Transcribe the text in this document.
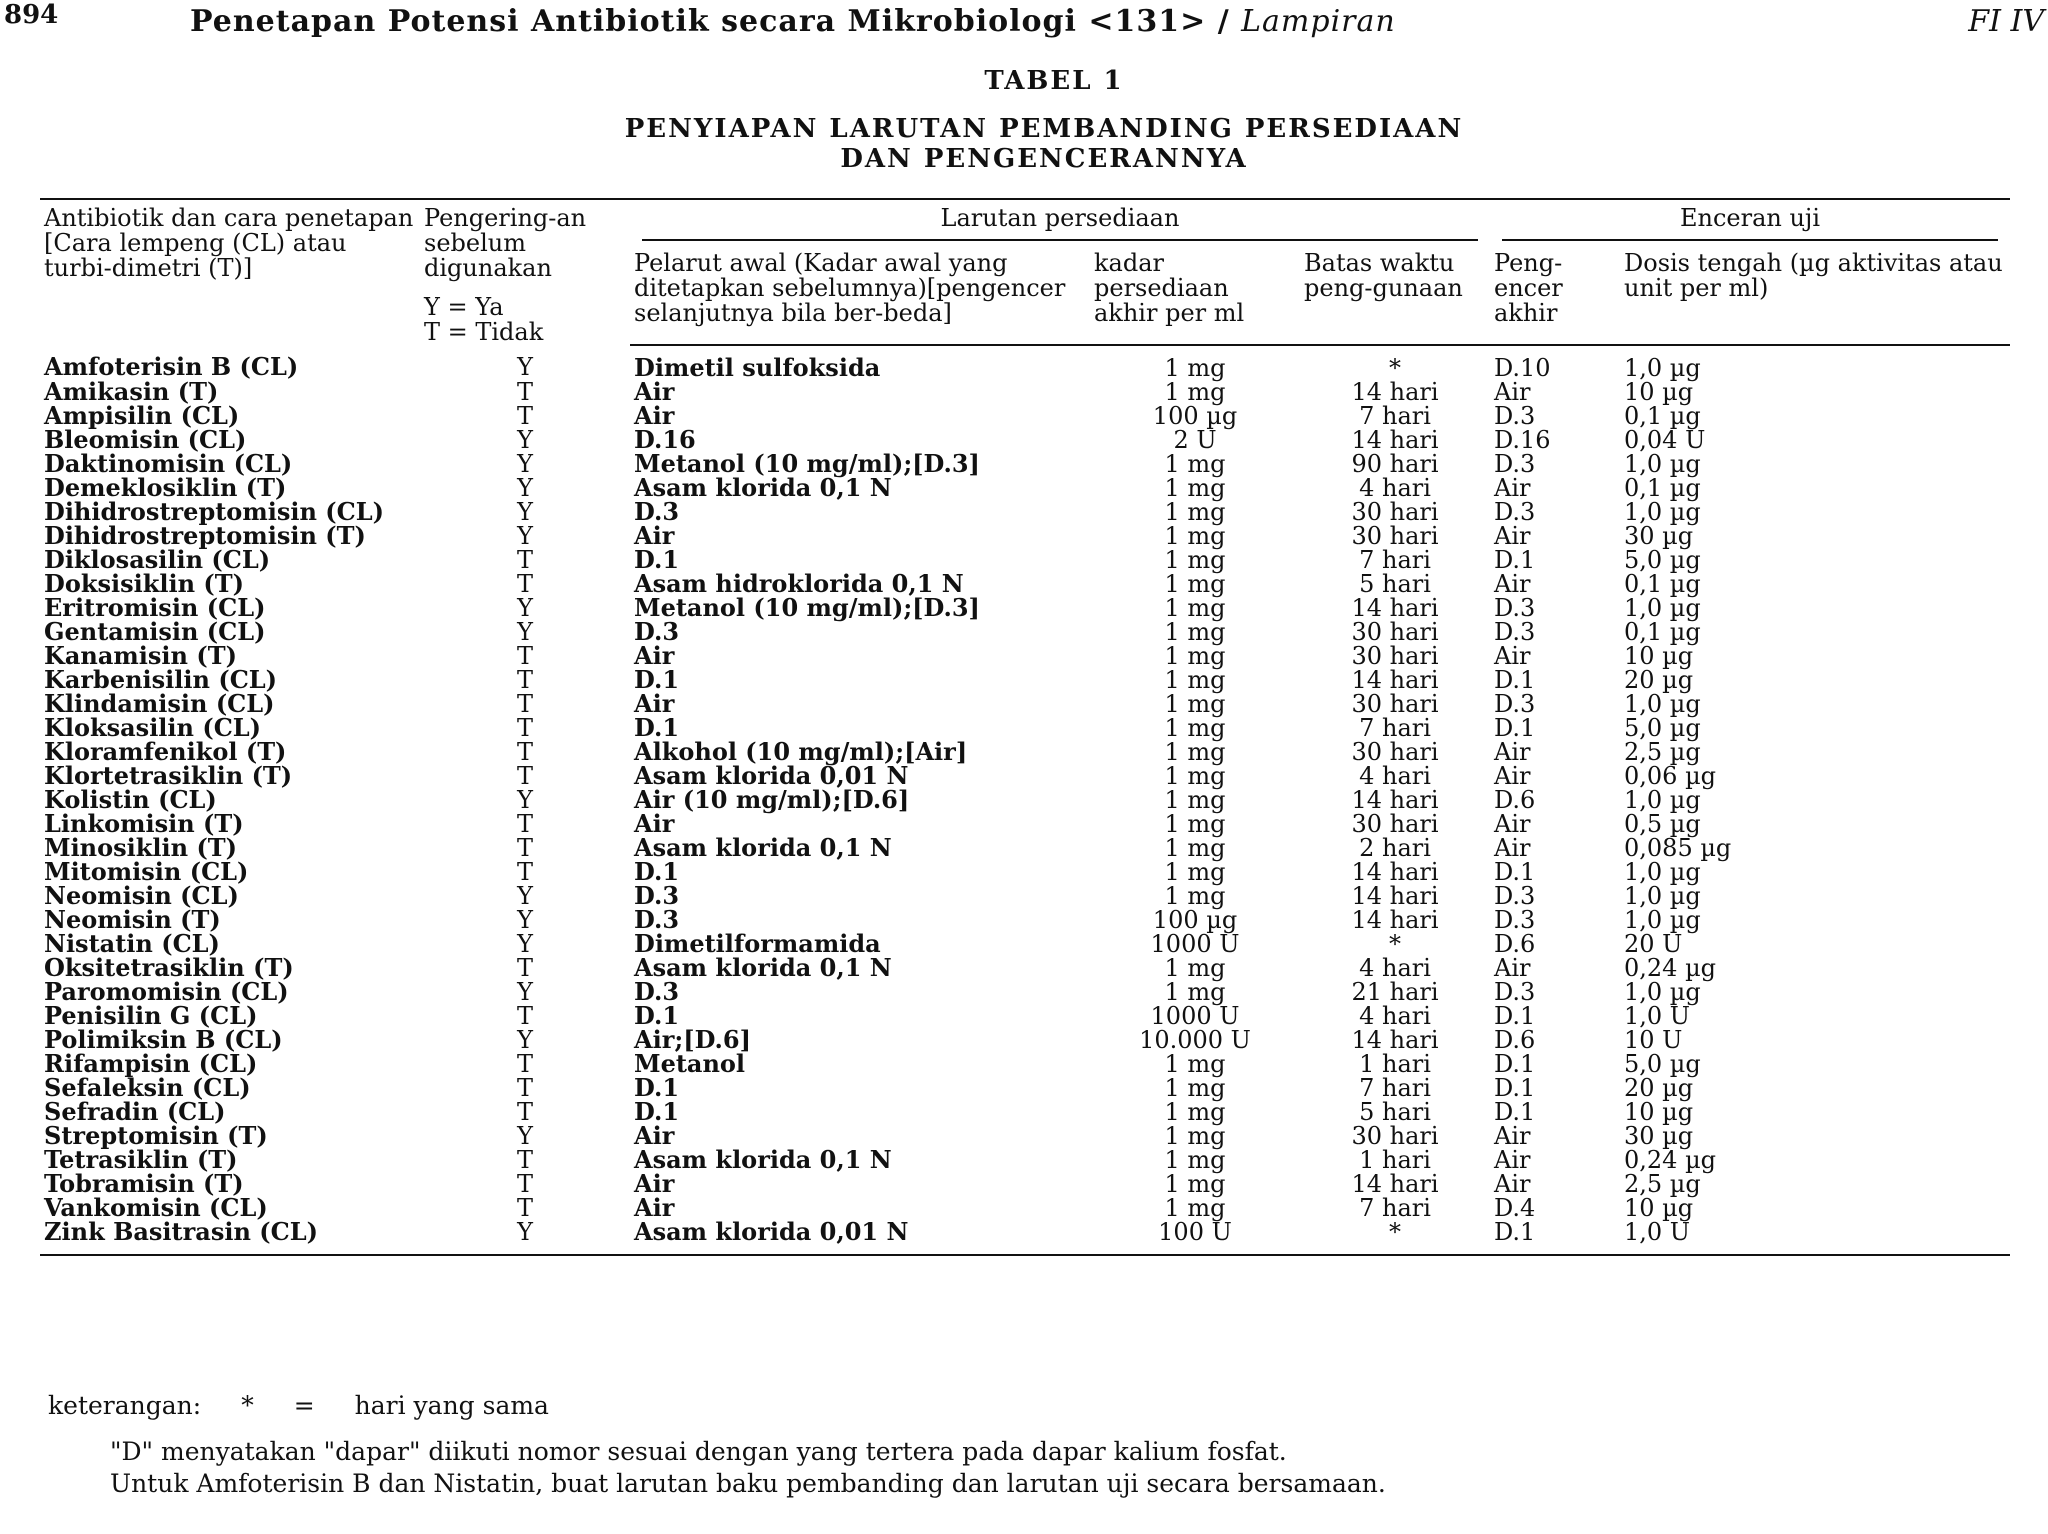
894	Penetapan Potensi Antibiotik secara Mikrobiologi <131> / Lampiran	FI IV
TABEL 1
PENYIAPAN LARUTAN PEMBANDING PERSEDIAAN
DAN PENGENCERANNYA
Antibiotik dan cara penetapan [Cara lempeng (CL) atau turbi-dimetri (T)]	Pengering-an sebelum digunakan
Y = Ya
T = Tidak	Larutan persediaan			Enceran uji	

		Pelarut awal (Kadar awal yang ditetapkan sebelumnya)[pengencer selanjutnya bila ber-beda]	kadar persediaan akhir per ml	Batas waktu peng-gunaan	Peng-encer akhir	Dosis tengah (µg aktivitas atau unit per ml)
Amfoterisin B (CL)	Y	Dimetil sulfoksida	1 mg	*	D.10	1,0 µg
Amikasin (T)	T	Air	1 mg	14 hari	Air	10 µg
Ampisilin (CL)	T	Air	100 µg	7 hari	D.3	0,1 µg
Bleomisin (CL)	Y	D.16	2 U	14 hari	D.16	0,04 U
Daktinomisin (CL)	Y	Metanol (10 mg/ml);[D.3]	1 mg	90 hari	D.3	1,0 µg
Demeklosiklin (T)	Y	Asam klorida 0,1 N	1 mg	4 hari	Air	0,1 µg
Dihidrostreptomisin (CL)	Y	D.3	1 mg	30 hari	D.3	1,0 µg
Dihidrostreptomisin (T)	Y	Air	1 mg	30 hari	Air	30 µg
Diklosasilin (CL)	T	D.1	1 mg	7 hari	D.1	5,0 µg
Doksisiklin (T)	T	Asam hidroklorida 0,1 N	1 mg	5 hari	Air	0,1 µg
Eritromisin (CL)	Y	Metanol (10 mg/ml);[D.3]	1 mg	14 hari	D.3	1,0 µg
Gentamisin (CL)	Y	D.3	1 mg	30 hari	D.3	0,1 µg
Kanamisin (T)	T	Air	1 mg	30 hari	Air	10 µg
Karbenisilin (CL)	T	D.1	1 mg	14 hari	D.1	20 µg
Klindamisin (CL)	T	Air	1 mg	30 hari	D.3	1,0 µg
Kloksasilin (CL)	T	D.1	1 mg	7 hari	D.1	5,0 µg
Kloramfenikol (T)	T	Alkohol (10 mg/ml);[Air]	1 mg	30 hari	Air	2,5 µg
Klortetrasiklin (T)	T	Asam klorida 0,01 N	1 mg	4 hari	Air	0,06 µg
Kolistin (CL)	Y	Air (10 mg/ml);[D.6]	1 mg	14 hari	D.6	1,0 µg
Linkomisin (T)	T	Air	1 mg	30 hari	Air	0,5 µg
Minosiklin (T)	T	Asam klorida 0,1 N	1 mg	2 hari	Air	0,085 µg
Mitomisin (CL)	T	D.1	1 mg	14 hari	D.1	1,0 µg
Neomisin (CL)	Y	D.3	1 mg	14 hari	D.3	1,0 µg
Neomisin (T)	Y	D.3	100 µg	14 hari	D.3	1,0 µg
Nistatin (CL)	Y	Dimetilformamida	1000 U	*	D.6	20 U
Oksitetrasiklin (T)	T	Asam klorida 0,1 N	1 mg	4 hari	Air	0,24 µg
Paromomisin (CL)	Y	D.3	1 mg	21 hari	D.3	1,0 µg
Penisilin G (CL)	T	D.1	1000 U	4 hari	D.1	1,0 U
Polimiksin B (CL)	Y	Air;[D.6]	10.000 U	14 hari	D.6	10 U
Rifampisin (CL)	T	Metanol	1 mg	1 hari	D.1	5,0 µg
Sefaleksin (CL)	T	D.1	1 mg	7 hari	D.1	20 µg
Sefradin (CL)	T	D.1	1 mg	5 hari	D.1	10 µg
Streptomisin (T)	Y	Air	1 mg	30 hari	Air	30 µg
Tetrasiklin (T)	T	Asam klorida 0,1 N	1 mg	1 hari	Air	0,24 µg
Tobramisin (T)	T	Air	1 mg	14 hari	Air	2,5 µg
Vankomisin (CL)	T	Air	1 mg	7 hari	D.4	10 µg
Zink Basitrasin (CL)	Y	Asam klorida 0,01 N	100 U	*	D.1	1,0 U
keterangan: * = hari yang sama
"D" menyatakan "dapar" diikuti nomor sesuai dengan yang tertera pada dapar kalium fosfat.
Untuk Amfoterisin B dan Nistatin, buat larutan baku pembanding dan larutan uji secara bersamaan.
